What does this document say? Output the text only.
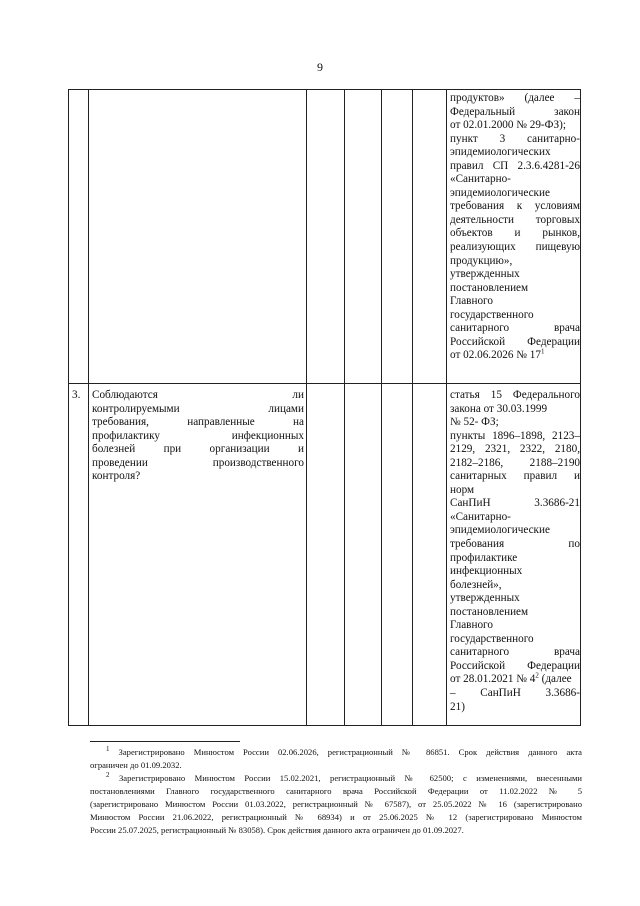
9
продуктов» (далее –
Федеральный закон
от 02.01.2000 № 29-ФЗ);
пункт 3 санитарно-
эпидемиологических
правил СП 2.3.6.4281-26
«Санитарно-
эпидемиологические
требования к условиям
деятельности торговых
объектов и рынков,
реализующих пищевую
продукцию»,
утвержденных
постановлением
Главного
государственного
санитарного врача
Российской Федерации
от 02.06.2026 № $17^1$
3.	Соблюдаются ли
контролируемыми лицами
требования, направленные на
профилактику инфекционных
болезней при организации и
проведении производственного
контроля?
статья 15 Федерального
закона от 30.03.1999
№ 52- ФЗ;
пункты 1896–1898, 2123–
2129, 2321, 2322, 2180,
2182–2186, 2188–2190
санитарных правил и
норм
СанПиН 3.3686-21
«Санитарно-
эпидемиологические
требования по
профилактике
инфекционных
болезней»,
утвержденных
постановлением
Главного
государственного
санитарного врача
Российской Федерации
от 28.01.2021 № $4^2$ (далее
– СанПиН 3.3686-
21)
$^1$ Зарегистрировано Минюстом России 02.06.2026, регистрационный № 86851. Срок действия данного акта
ограничен до 01.09.2032.
$^2$ Зарегистрировано Минюстом России 15.02.2021, регистрационный № 62500; с изменениями, внесенными
постановлениями Главного государственного санитарного врача Российской Федерации от 11.02.2022 № 5
(зарегистрировано Минюстом России 01.03.2022, регистрационный № 67587), от 25.05.2022 № 16 (зарегистрировано
Минюстом России 21.06.2022, регистрационный № 68934) и от 25.06.2025 № 12 (зарегистрировано Минюстом
России 25.07.2025, регистрационный № 83058). Срок действия данного акта ограничен до 01.09.2027.
